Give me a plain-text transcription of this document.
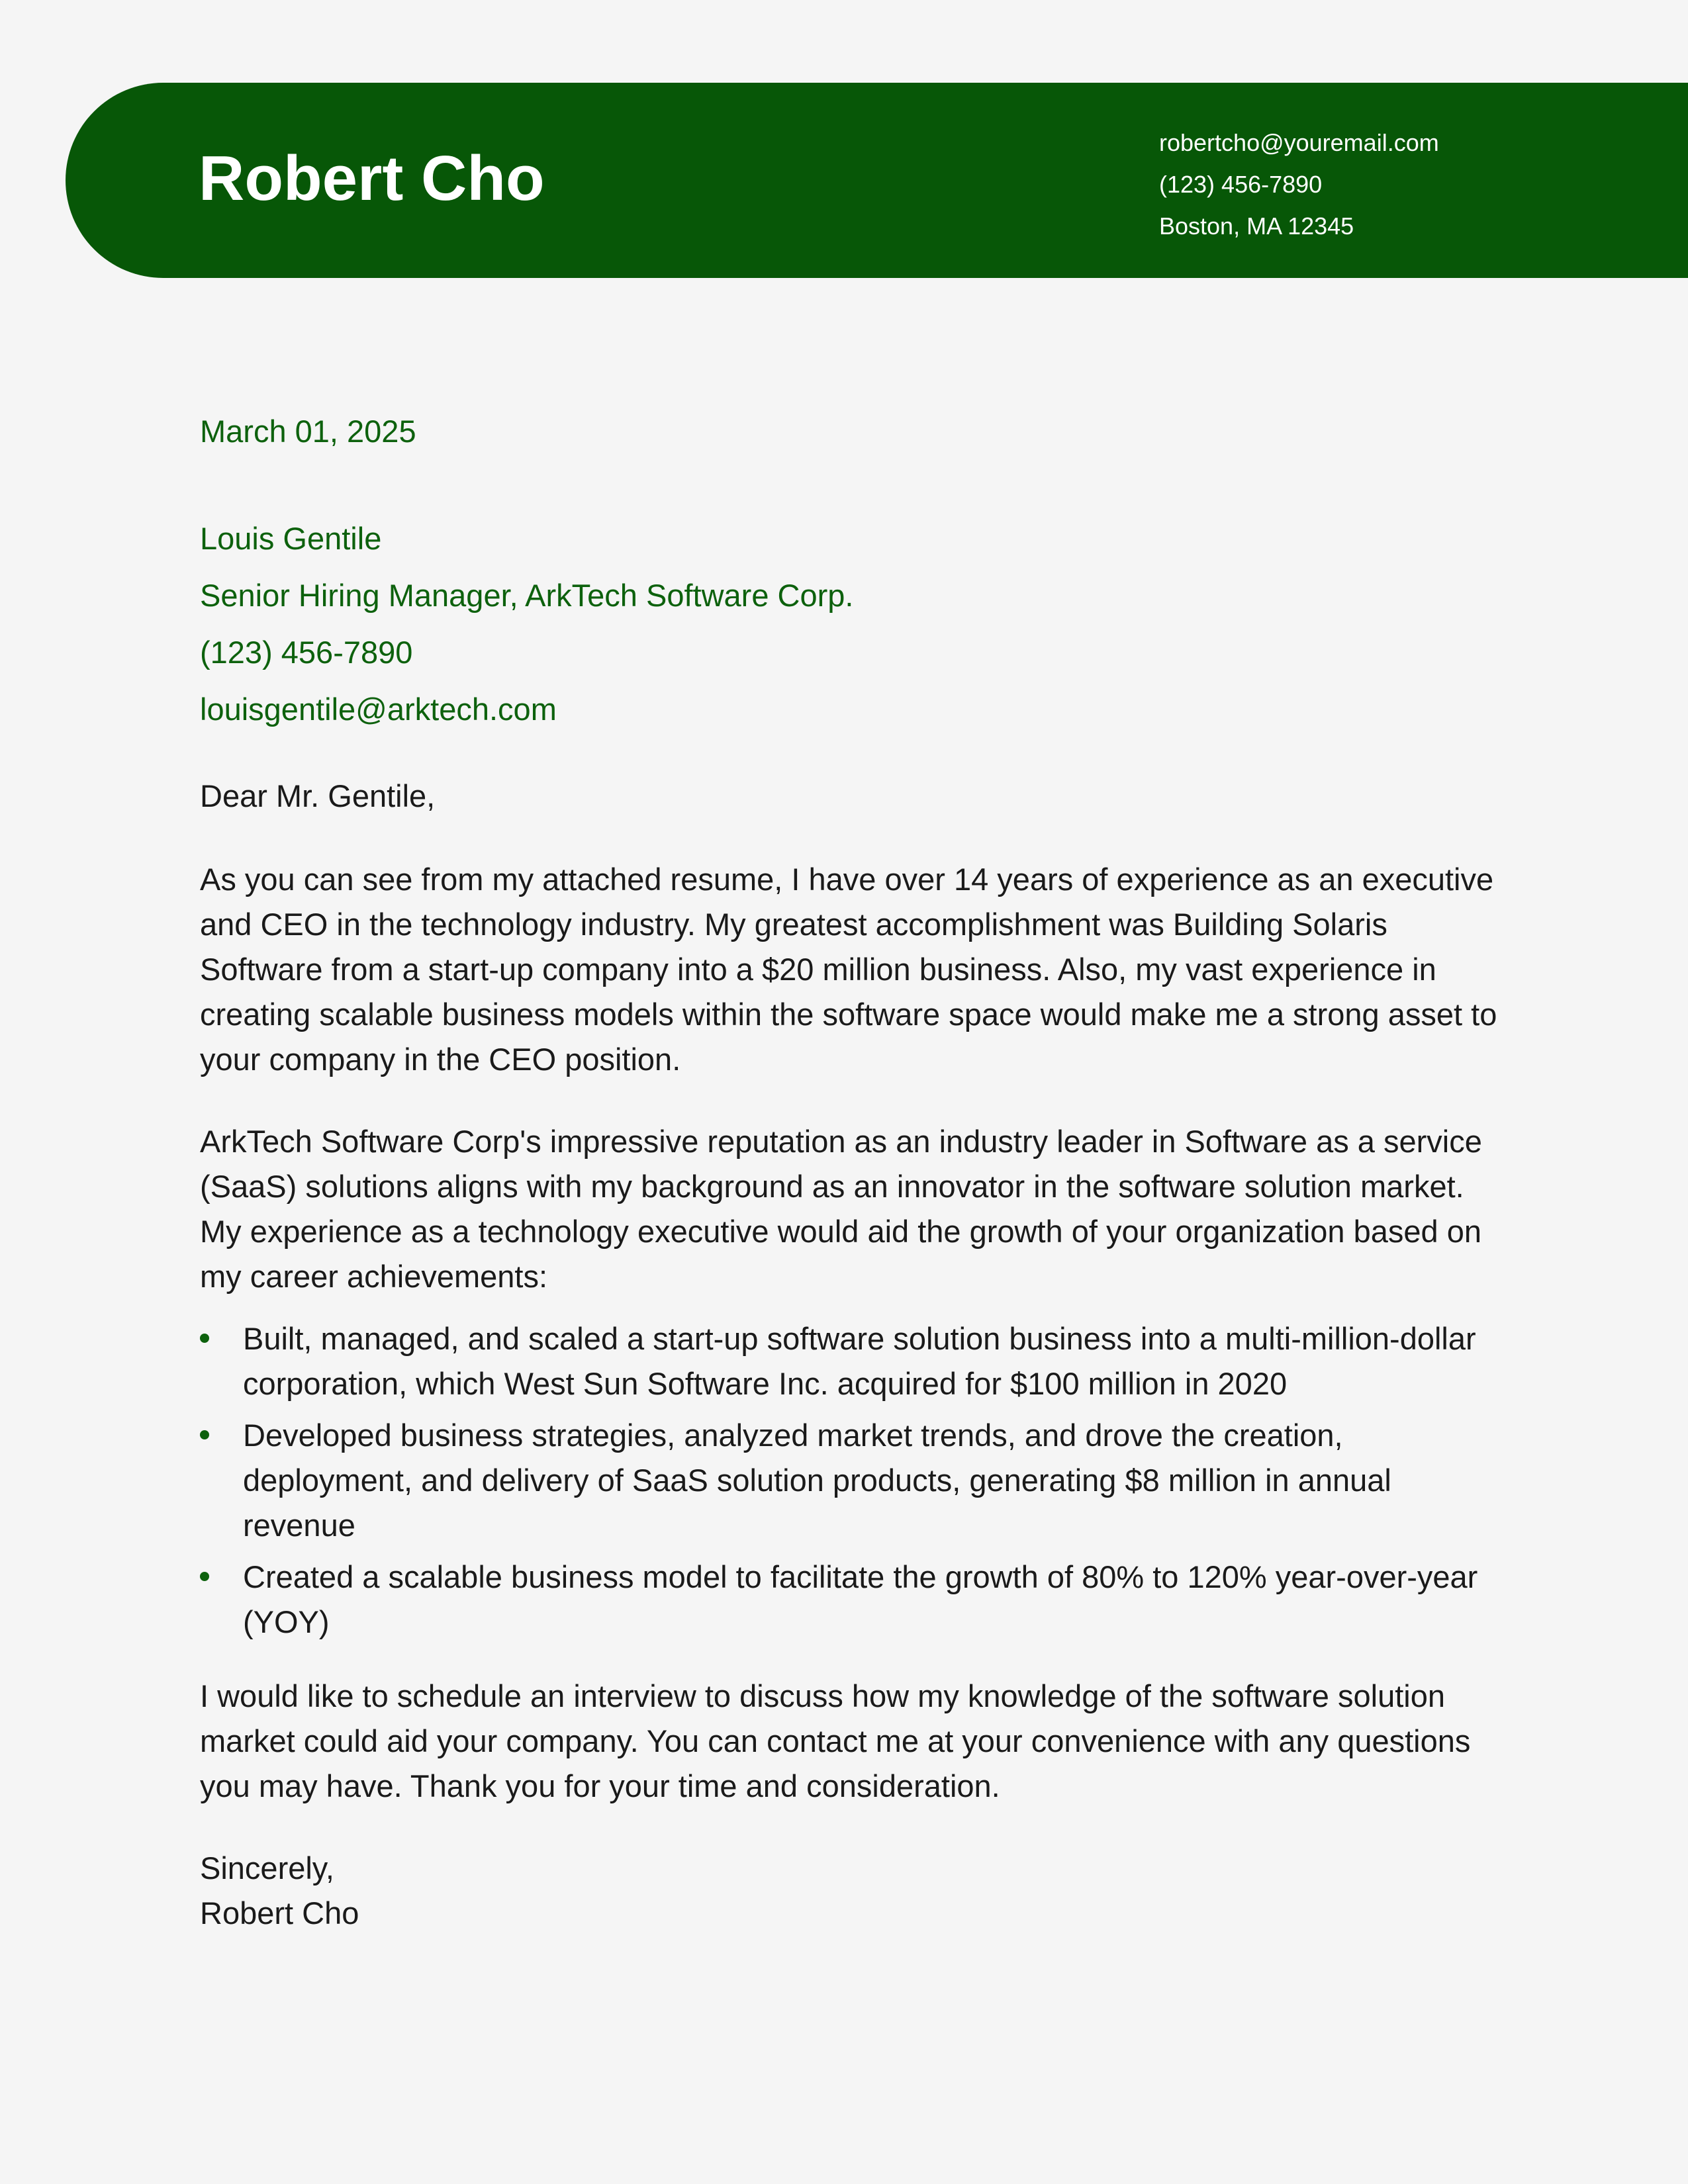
Robert Cho
robertcho@youremail.com
(123) 456-7890
Boston, MA 12345
March 01, 2025
Louis Gentile
Senior Hiring Manager, ArkTech Software Corp.
(123) 456-7890
louisgentile@arktech.com
Dear Mr. Gentile,

As you can see from my attached resume, I have over 14 years of experience as an executive and CEO in the technology industry. My greatest accomplishment was Building Solaris Software from a start-up company into a $20 million business. Also, my vast experience in creating scalable business models within the software space would make me a strong asset to your company in the CEO position.

ArkTech Software Corp's impressive reputation as an industry leader in Software as a service (SaaS) solutions aligns with my background as an innovator in the software solution market. My experience as a technology executive would aid the growth of your organization based on my career achievements:

Built, managed, and scaled a start-up software solution business into a multi-million-dollar corporation, which West Sun Software Inc. acquired for $100 million in 2020
Developed business strategies, analyzed market trends, and drove the creation, deployment, and delivery of SaaS solution products, generating $8 million in annual revenue
Created a scalable business model to facilitate the growth of 80% to 120% year-over-year (YOY)

I would like to schedule an interview to discuss how my knowledge of the software solution market could aid your company. You can contact me at your convenience with any questions you may have. Thank you for your time and consideration.

Sincerely,
Robert Cho
